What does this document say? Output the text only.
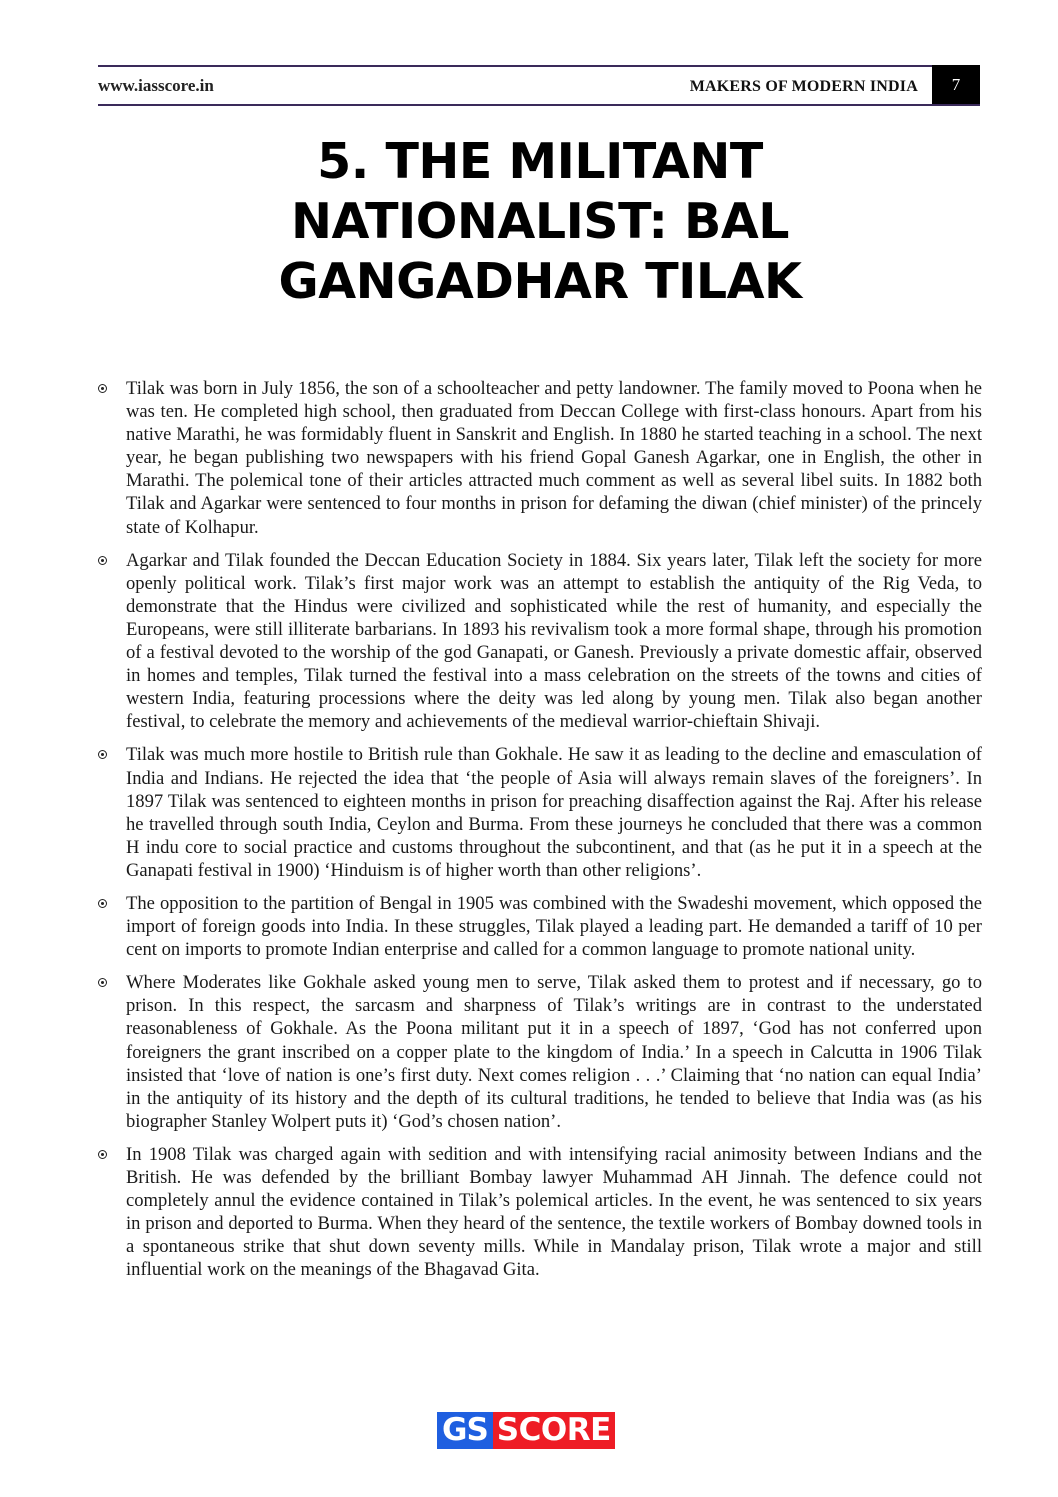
www.iasscore.in	MAKERS OF MODERN INDIA	7
5. THE MILITANT NATIONALIST: BAL GANGADHAR TILAK
Tilak was born in July 1856, the son of a schoolteacher and petty landowner. The family moved to Poona when he was ten. He completed high school, then graduated from Deccan College with first-class honours. Apart from his native Marathi, he was formidably fluent in Sanskrit and English. In 1880 he started teaching in a school. The next year, he began publishing two newspapers with his friend Gopal Ganesh Agarkar, one in English, the other in Marathi. The polemical tone of their articles attracted much comment as well as several libel suits. In 1882 both Tilak and Agarkar were sentenced to four months in prison for defaming the diwan (chief minister) of the princely state of Kolhapur.
Agarkar and Tilak founded the Deccan Education Society in 1884. Six years later, Tilak left the society for more openly political work. Tilak’s first major work was an attempt to establish the antiquity of the Rig Veda, to demonstrate that the Hindus were civilized and sophisticated while the rest of humanity, and especially the Europeans, were still illiterate barbarians. In 1893 his revivalism took a more formal shape, through his promotion of a festival devoted to the worship of the god Ganapati, or Ganesh. Previously a private domestic affair, observed in homes and temples, Tilak turned the festival into a mass celebration on the streets of the towns and cities of western India, featuring processions where the deity was led along by young men. Tilak also began another festival, to celebrate the memory and achievements of the medieval warrior-chieftain Shivaji.
Tilak was much more hostile to British rule than Gokhale. He saw it as leading to the decline and emasculation of India and Indians. He rejected the idea that ‘the people of Asia will always remain slaves of the foreigners’. In 1897 Tilak was sentenced to eighteen months in prison for preaching disaffection against the Raj. After his release he travelled through south India, Ceylon and Burma. From these journeys he concluded that there was a common H indu core to social practice and customs throughout the subcontinent, and that (as he put it in a speech at the Ganapati festival in 1900) ‘Hinduism is of higher worth than other religions’.
The opposition to the partition of Bengal in 1905 was combined with the Swadeshi movement, which opposed the import of foreign goods into India. In these struggles, Tilak played a leading part. He demanded a tariff of 10 per cent on imports to promote Indian enterprise and called for a common language to promote national unity.
Where Moderates like Gokhale asked young men to serve, Tilak asked them to protest and if necessary, go to prison. In this respect, the sarcasm and sharpness of Tilak’s writings are in contrast to the understated reasonableness of Gokhale. As the Poona militant put it in a speech of 1897, ‘God has not conferred upon foreigners the grant inscribed on a copper plate to the kingdom of India.’ In a speech in Calcutta in 1906 Tilak insisted that ‘love of nation is one’s first duty. Next comes religion . . .’ Claiming that ‘no nation can equal India’ in the antiquity of its history and the depth of its cultural traditions, he tended to believe that India was (as his biographer Stanley Wolpert puts it) ‘God’s chosen nation’.
In 1908 Tilak was charged again with sedition and with intensifying racial animosity between Indians and the British. He was defended by the brilliant Bombay lawyer Muhammad AH Jinnah. The defence could not completely annul the evidence contained in Tilak’s polemical articles. In the event, he was sentenced to six years in prison and deported to Burma. When they heard of the sentence, the textile workers of Bombay downed tools in a spontaneous strike that shut down seventy mills. While in Mandalay prison, Tilak wrote a major and still influential work on the meanings of the Bhagavad Gita.
GS SCORE
